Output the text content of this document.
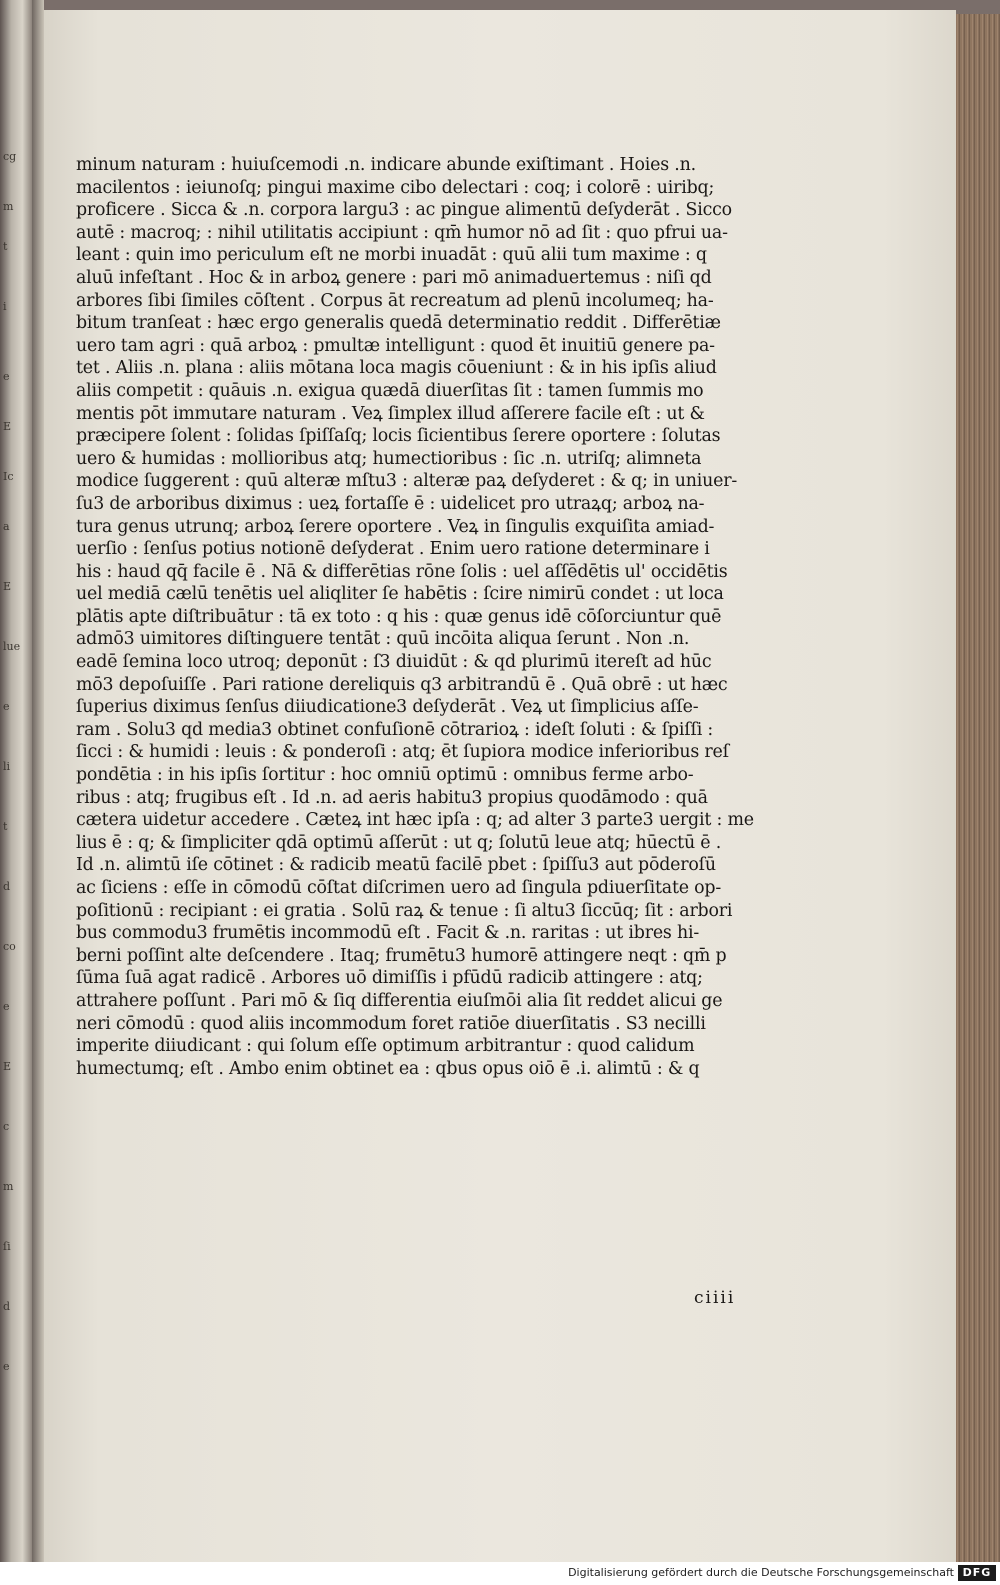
cg
m
t
i
e
E
Ic
a
E
lue
e
li
t
d
co
e
E
c
m
ſi
d
e
minum naturam : huiuſcemodi .n. indicare abunde exiſtimant . Hoies .n.
macilentos : ieiunoſq; pingui maxime cibo delectari : coq; i colorē : uiribq;
proficere . Sicca & .n. corpora largu3 : ac pingue alimentū deſyderāt . Sicco
autē : macroq; : nihil utilitatis accipiunt : qm̄ humor nō ad ſit : quo pfrui ua-
leant : quin imo periculum eſt ne morbi inuadāt : quū alii tum maxime : q
aluū infeſtant . Hoc & in arboꝝ genere : pari mō animaduertemus : niſi qd
arbores ſibi ſimiles cōſtent . Corpus āt recreatum ad plenū incolumeq; ha-
bitum tranſeat : hæc ergo generalis quedā determinatio reddit . Differētiæ
uero tam agri : quā arboꝝ : pmultæ intelligunt : quod ēt inuitiū genere pa-
tet . Aliis .n. plana : aliis mōtana loca magis cōueniunt : & in his ipſis aliud
aliis competit : quāuis .n. exigua quædā diuerſitas ſit : tamen ſummis mo
mentis pōt immutare naturam . Veꝝ ſimplex illud aſſerere facile eſt : ut &
præcipere ſolent : ſolidas ſpiſſaſq; locis ſicientibus ſerere oportere : ſolutas
uero & humidas : mollioribus atq; humectioribus : ſic .n. utriſq; alimneta
modice ſuggerent : quū alteræ mſtu3 : alteræ paꝝ deſyderet : & q; in uniuer-
ſu3 de arboribus diximus : ueꝝ fortaſſe ē : uidelicet pro utraꝝq; arboꝝ na-
tura genus utrunq; arboꝝ ſerere oportere . Veꝝ in ſingulis exquiſita amiad-
uerſio : ſenſus potius notionē deſyderat . Enim uero ratione determinare i
his : haud qq̄ facile ē . Nā & differētias rōne ſolis : uel aſſēdētis ul' occidētis
uel mediā cælū tenētis uel aliqliter ſe habētis : ſcire nimirū condet : ut loca
plātis apte diſtribuātur : tā ex toto : q his : quæ genus idē cōſorciuntur quē
admō3 uimitores diſtinguere tentāt : quū incōita aliqua ſerunt . Non .n.
eadē ſemina loco utroq; deponūt : ſ3 diuidūt : & qd plurimū itereſt ad hūc
mō3 depoſuiſſe . Pari ratione dereliquis q3 arbitrandū ē . Quā obrē : ut hæc
ſuperius diximus ſenſus diiudicatione3 deſyderāt . Veꝝ ut ſimplicius aſſe-
ram . Solu3 qd media3 obtinet confuſionē cōtrarioꝝ : ideſt ſoluti : & ſpiſſi :
ſicci : & humidi : leuis : & ponderoſi : atq; ēt ſupiora modice inferioribus reſ
pondētia : in his ipſis ſortitur : hoc omniū optimū : omnibus ferme arbo-
ribus : atq; frugibus eſt . Id .n. ad aeris habitu3 propius quodāmodo : quā
cætera uidetur accedere . Cæteꝝ int hæc ipſa : q; ad alter 3 parte3 uergit : me
lius ē : q; & ſimpliciter qdā optimū aſſerūt : ut q; ſolutū leue atq; hūectū ē .
Id .n. alimtū iſe cōtinet : & radicib meatū facilē pbet : ſpiſſu3 aut pōderoſū
ac ſiciens : eſſe in cōmodū cōſtat diſcrimen uero ad ſingula pdiuerſitate op-
poſitionū : recipiant : ei gratia . Solū raꝝ & tenue : ſi altu3 ſiccūq; ſit : arbori
bus commodu3 frumētis incommodū eſt . Facit & .n. raritas : ut ibres hi-
berni poſſint alte deſcendere . Itaq; frumētu3 humorē attingere neqt : qm̄ p
ſūma ſuā agat radicē . Arbores uō dimiſſis i pfūdū radicib attingere : atq;
attrahere poſſunt . Pari mō & ſiq differentia eiuſmōi alia ſit reddet alicui ge
neri cōmodū : quod aliis incommodum foret ratiōe diuerſitatis . S3 necilli
imperite diiudicant : qui ſolum eſſe optimum arbitrantur : quod calidum
humectumq; eſt . Ambo enim obtinet ea : qbus opus oiō ē .i. alimtū : & q
ciiii
Digitalisierung gefördert durch die Deutsche Forschungsgemeinschaft DFG
